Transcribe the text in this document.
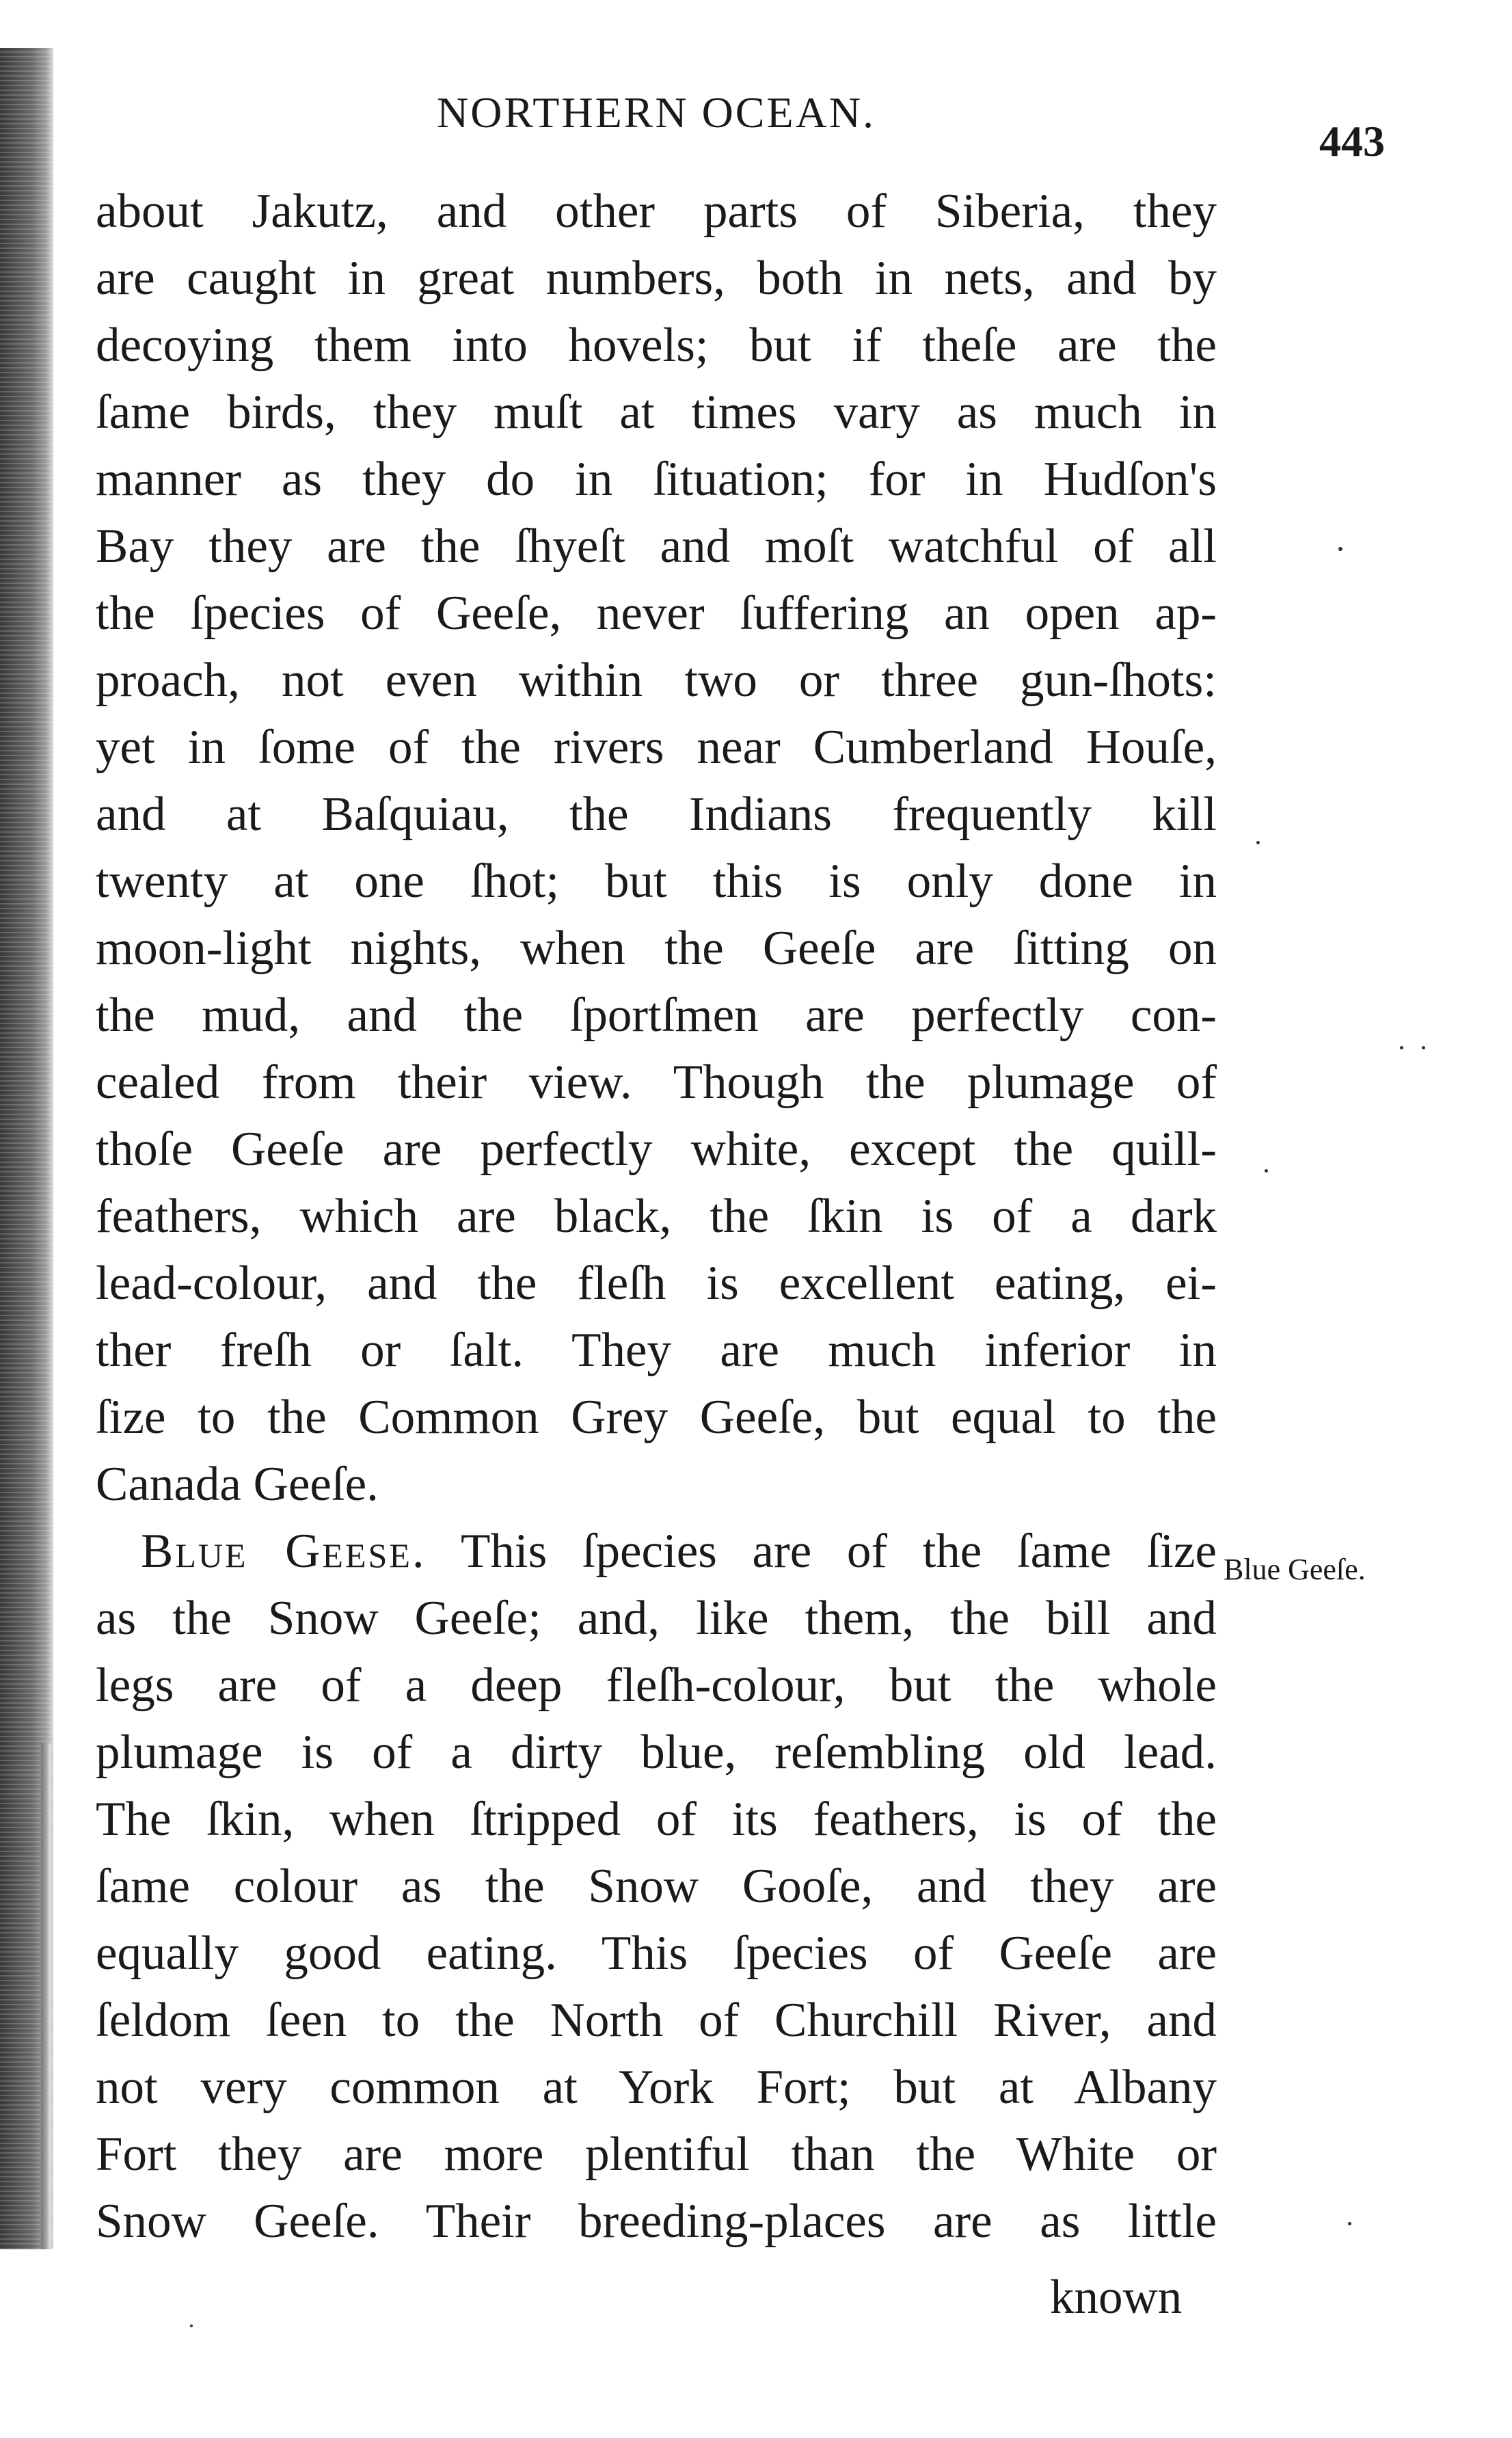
NORTHERN OCEAN.
443
about Jakutz, and other parts of Siberia, they
are caught in great numbers, both in nets, and by
decoying them into hovels; but if theſe are the
ſame birds, they muſt at times vary as much in
manner as they do in ſituation; for in Hudſon's
Bay they are the ſhyeſt and moſt watchful of all
the ſpecies of Geeſe, never ſuffering an open ap-
proach, not even within two or three gun-ſhots:
yet in ſome of the rivers near Cumberland Houſe,
and at Baſquiau, the Indians frequently kill
twenty at one ſhot; but this is only done in
moon-light nights, when the Geeſe are ſitting on
the mud, and the ſportſmen are perfectly con-
cealed from their view. Though the plumage of
thoſe Geeſe are perfectly white, except the quill-
feathers, which are black, the ſkin is of a dark
lead-colour, and the fleſh is excellent eating, ei-
ther freſh or ſalt. They are much inferior in
ſize to the Common Grey Geeſe, but equal to the
Canada Geeſe.
Blue Geese. This ſpecies are of the ſame ſize
as the Snow Geeſe; and, like them, the bill and
legs are of a deep fleſh-colour, but the whole
plumage is of a dirty blue, reſembling old lead.
The ſkin, when ſtripped of its feathers, is of the
ſame colour as the Snow Gooſe, and they are
equally good eating. This ſpecies of Geeſe are
ſeldom ſeen to the North of Churchill River, and
not very common at York Fort; but at Albany
Fort they are more plentiful than the White or
Snow Geeſe. Their breeding-places are as little
Blue Geeſe.
known
